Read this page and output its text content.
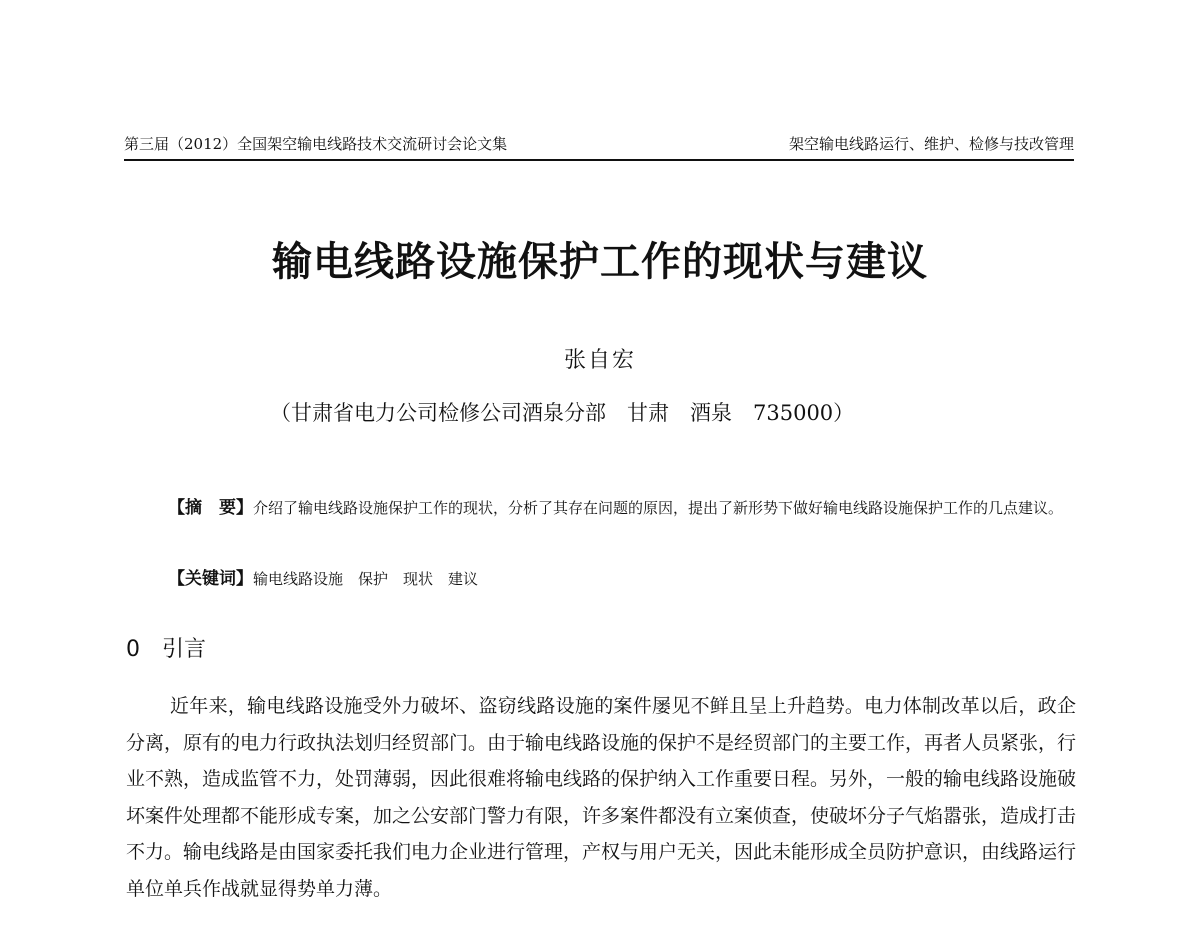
第三届（2012）全国架空输电线路技术交流研讨会论文集	架空输电线路运行、维护、检修与技改管理
输电线路设施保护工作的现状与建议
张自宏
（甘肃省电力公司检修公司酒泉分部　甘肃　酒泉　735000）
【摘　要】介绍了输电线路设施保护工作的现状，分析了其存在问题的原因，提出了新形势下做好输电线路设施保护工作的几点建议。
【关键词】输电线路设施　保护　现状　建议
0 引言
近年来，输电线路设施受外力破坏、盗窃线路设施的案件屡见不鲜且呈上升趋势。电力体制改革以后，政企分离，原有的电力行政执法划归经贸部门。由于输电线路设施的保护不是经贸部门的主要工作，再者人员紧张，行业不熟，造成监管不力，处罚薄弱，因此很难将输电线路的保护纳入工作重要日程。另外，一般的输电线路设施破坏案件处理都不能形成专案，加之公安部门警力有限，许多案件都没有立案侦查，使破坏分子气焰嚣张，造成打击不力。输电线路是由国家委托我们电力企业进行管理，产权与用户无关，因此未能形成全员防护意识，由线路运行单位单兵作战就显得势单力薄。
